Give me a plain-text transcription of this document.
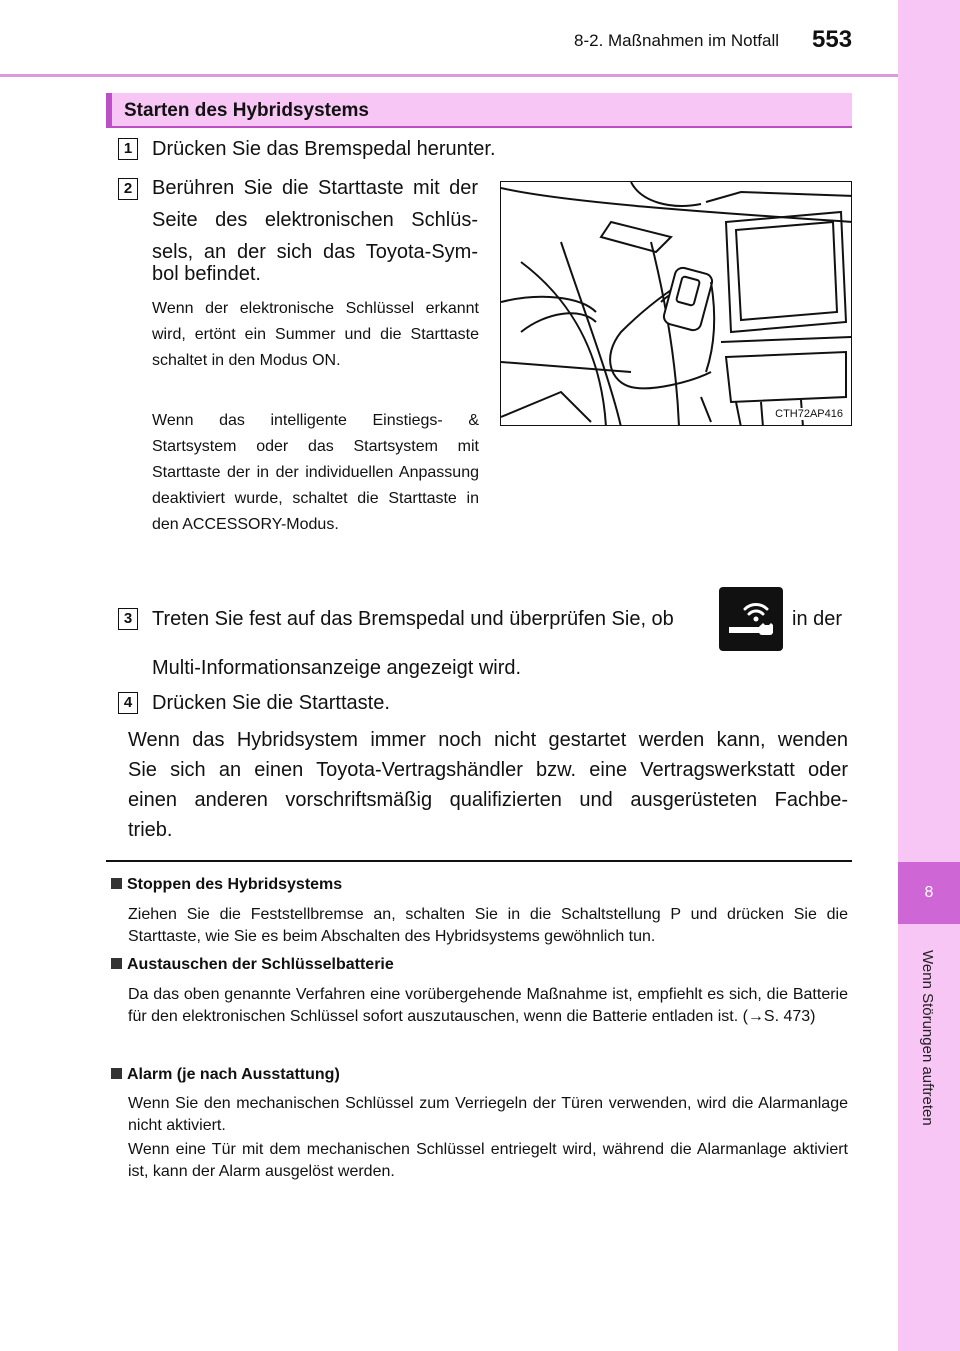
8-2. Maßnahmen im Notfall 553
8
Wenn Störungen auftreten
Starten des Hybridsystems
1 Drücken Sie das Bremspedal herunter.
2 Berühren Sie die Starttaste mit der
Seite des elektronischen Schlüs-
sels, an der sich das Toyota-Sym-
bol befindet.
Wenn der elektronische Schlüssel erkannt wird, ertönt ein Summer und die Starttaste schaltet in den Modus ON.
Wenn das intelligente Einstiegs- & Startsystem oder das Startsystem mit Starttaste der in der individuellen Anpassung deaktiviert wurde, schaltet die Starttaste in den ACCESSORY-Modus.
CTH72AP416
3 Treten Sie fest auf das Bremspedal und überprüfen Sie, ob	in der
Multi-Informationsanzeige angezeigt wird.
4 Drücken Sie die Starttaste.
Wenn das Hybridsystem immer noch nicht gestartet werden kann, wenden
Sie sich an einen Toyota-Vertragshändler bzw. eine Vertragswerkstatt oder
einen anderen vorschriftsmäßig qualifizierten und ausgerüsteten Fachbe-
trieb.
Stoppen des Hybridsystems
Ziehen Sie die Feststellbremse an, schalten Sie in die Schaltstellung P und drücken Sie die Starttaste, wie Sie es beim Abschalten des Hybridsystems gewöhnlich tun.
Austauschen der Schlüsselbatterie
Da das oben genannte Verfahren eine vorübergehende Maßnahme ist, empfiehlt es sich, die Batterie für den elektronischen Schlüssel sofort auszutauschen, wenn die Batterie entladen ist. (→S. 473)
Alarm (je nach Ausstattung)
Wenn Sie den mechanischen Schlüssel zum Verriegeln der Türen verwenden, wird die Alarmanlage nicht aktiviert.
Wenn eine Tür mit dem mechanischen Schlüssel entriegelt wird, während die Alarmanlage aktiviert ist, kann der Alarm ausgelöst werden.
